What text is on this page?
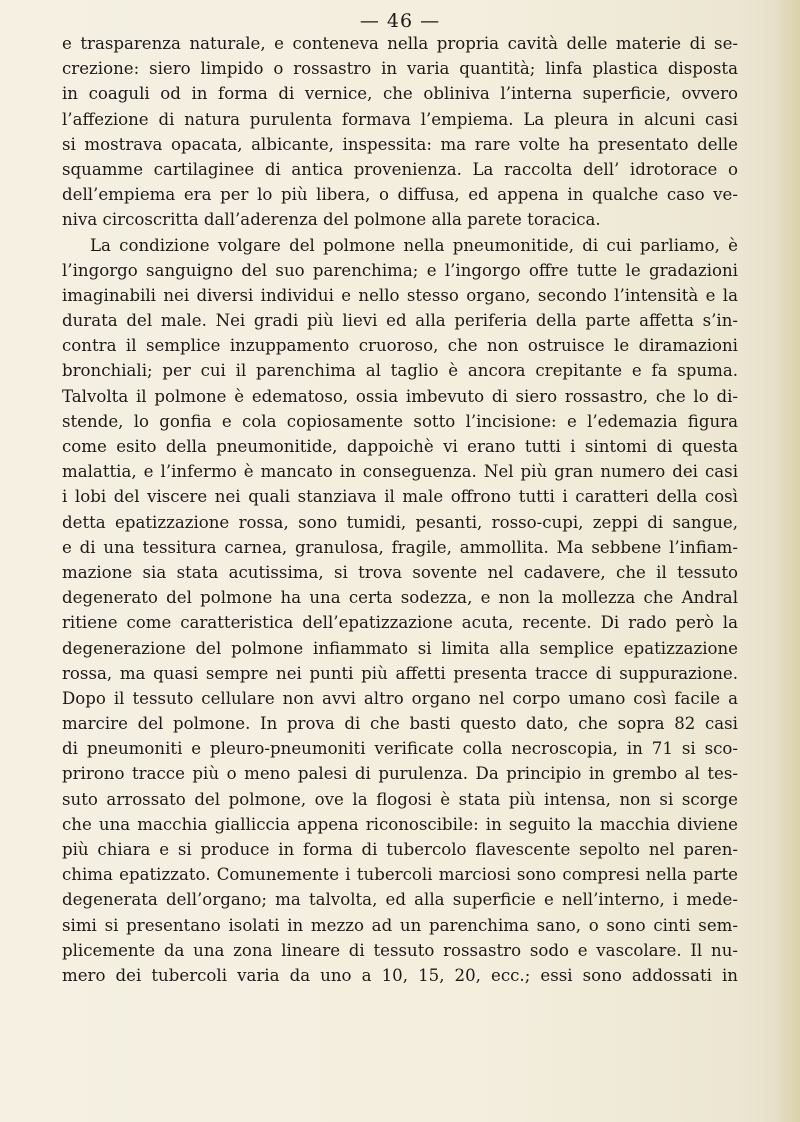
— 46 —
e trasparenza naturale, e conteneva nella propria cavità delle materie di se-
crezione: siero limpido o rossastro in varia quantità; linfa plastica disposta
in coaguli od in forma di vernice, che obliniva l’interna superficie, ovvero
l’affezione di natura purulenta formava l’empiema. La pleura in alcuni casi
si mostrava opacata, albicante, inspessita: ma rare volte ha presentato delle
squamme cartilaginee di antica provenienza. La raccolta dell’ idrotorace o
dell’empiema era per lo più libera, o diffusa, ed appena in qualche caso ve-
niva circoscritta dall’aderenza del polmone alla parete toracica.
La condizione volgare del polmone nella pneumonitide, di cui parliamo, è
l’ingorgo sanguigno del suo parenchima; e l’ingorgo offre tutte le gradazioni
imaginabili nei diversi individui e nello stesso organo, secondo l’intensità e la
durata del male. Nei gradi più lievi ed alla periferia della parte affetta s’in-
contra il semplice inzuppamento cruoroso, che non ostruisce le diramazioni
bronchiali; per cui il parenchima al taglio è ancora crepitante e fa spuma.
Talvolta il polmone è edematoso, ossia imbevuto di siero rossastro, che lo di-
stende, lo gonfia e cola copiosamente sotto l’incisione: e l’edemazia figura
come esito della pneumonitide, dappoichè vi erano tutti i sintomi di questa
malattia, e l’infermo è mancato in conseguenza. Nel più gran numero dei casi
i lobi del viscere nei quali stanziava il male offrono tutti i caratteri della così
detta epatizzazione rossa, sono tumidi, pesanti, rosso-cupi, zeppi di sangue,
e di una tessitura carnea, granulosa, fragile, ammollita. Ma sebbene l’infiam-
mazione sia stata acutissima, si trova sovente nel cadavere, che il tessuto
degenerato del polmone ha una certa sodezza, e non la mollezza che Andral
ritiene come caratteristica dell’epatizzazione acuta, recente. Di rado però la
degenerazione del polmone infiammato si limita alla semplice epatizzazione
rossa, ma quasi sempre nei punti più affetti presenta tracce di suppurazione.
Dopo il tessuto cellulare non avvi altro organo nel corpo umano così facile a
marcire del polmone. In prova di che basti questo dato, che sopra 82 casi
di pneumoniti e pleuro-pneumoniti verificate colla necroscopia, in 71 si sco-
prirono tracce più o meno palesi di purulenza. Da principio in grembo al tes-
suto arrossato del polmone, ove la flogosi è stata più intensa, non si scorge
che una macchia gialliccia appena riconoscibile: in seguito la macchia diviene
più chiara e si produce in forma di tubercolo flavescente sepolto nel paren-
chima epatizzato. Comunemente i tubercoli marciosi sono compresi nella parte
degenerata dell’organo; ma talvolta, ed alla superficie e nell’interno, i mede-
simi si presentano isolati in mezzo ad un parenchima sano, o sono cinti sem-
plicemente da una zona lineare di tessuto rossastro sodo e vascolare. Il nu-
mero dei tubercoli varia da uno a 10, 15, 20, ecc.; essi sono addossati in
